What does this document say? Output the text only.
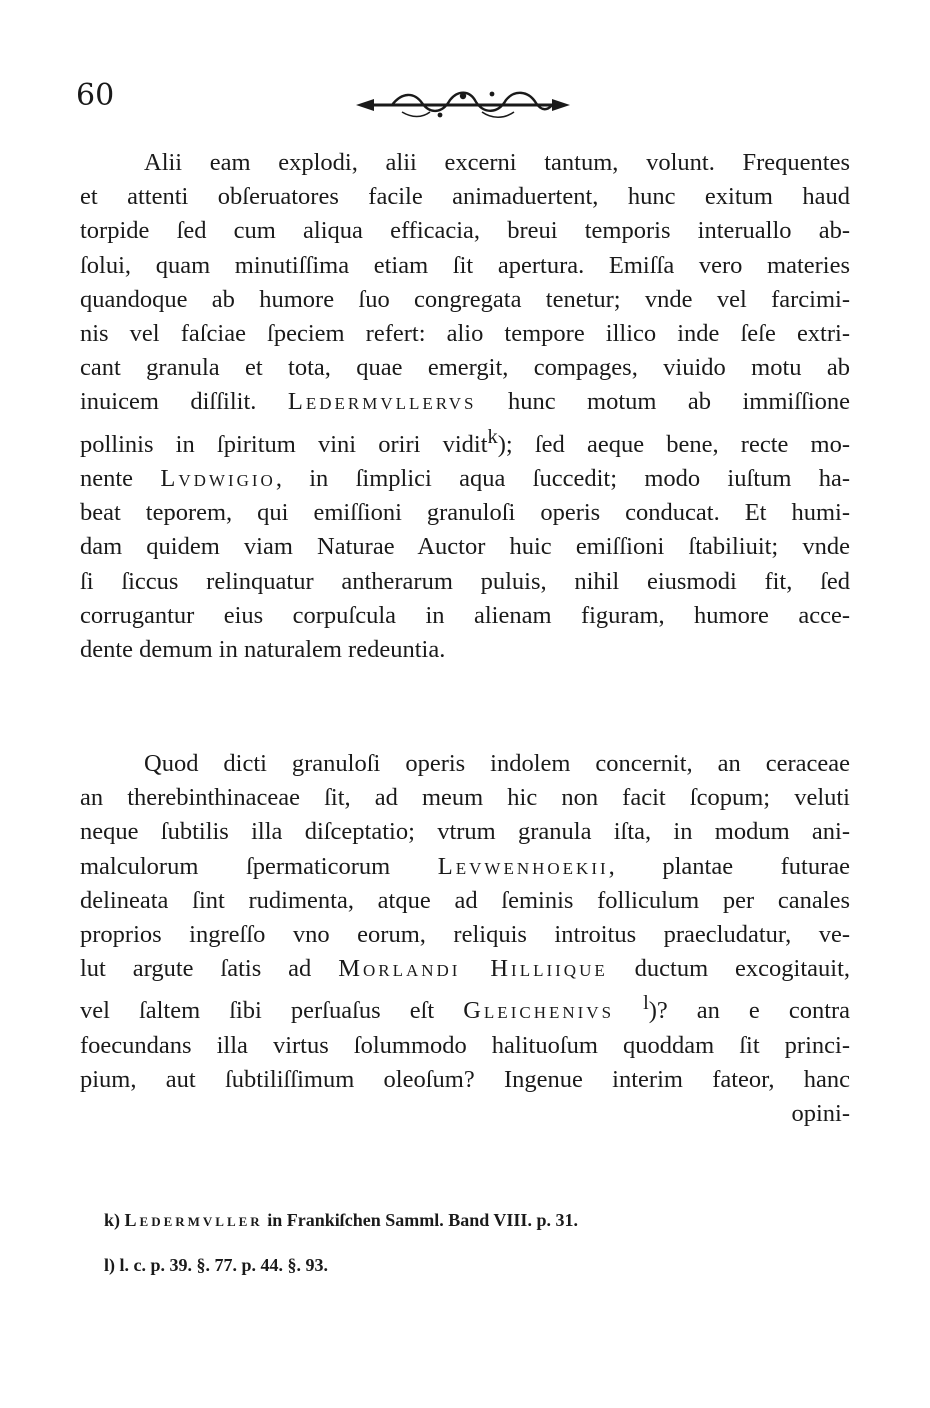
60
Alii eam explodi, alii excerni tantum, volunt. Frequentes
et attenti obſeruatores facile animaduertent, hunc exitum haud
torpide ſed cum aliqua efficacia, breui temporis interuallo ab-
ſolui, quam minutiſſima etiam ſit apertura. Emiſſa vero materies
quandoque ab humore ſuo congregata tenetur; vnde vel farcimi-
nis vel faſciae ſpeciem refert: alio tempore illico inde ſeſe extri-
cant granula et tota, quae emergit, compages, viuido motu ab
inuicem diſſilit. Ledermvllervs hunc motum ab immiſſione
pollinis in ſpiritum vini oriri vidit$^k$); ſed aeque bene, recte mo-
nente Lvdwigio, in ſimplici aqua ſuccedit; modo iuſtum ha-
beat teporem, qui emiſſioni granuloſi operis conducat. Et humi-
dam quidem viam Naturae Auctor huic emiſſioni ſtabiliuit; vnde
ſi ſiccus relinquatur antherarum puluis, nihil eiusmodi fit, ſed
corrugantur eius corpuſcula in alienam figuram, humore acce-
dente demum in naturalem redeuntia.
Quod dicti granuloſi operis indolem concernit, an ceraceae
an therebinthinaceae ſit, ad meum hic non facit ſcopum; veluti
neque ſubtilis illa diſceptatio; vtrum granula iſta, in modum ani-
malculorum ſpermaticorum Levwenhoekii, plantae futurae
delineata ſint rudimenta, atque ad ſeminis folliculum per canales
proprios ingreſſo vno eorum, reliquis introitus praecludatur, ve-
lut argute ſatis ad Morlandi Hilliique ductum excogitauit,
vel ſaltem ſibi perſuaſus eſt Gleichenivs $^l$)? an e contra
foecundans illa virtus ſolummodo halituoſum quoddam ſit princi-
pium, aut ſubtiliſſimum oleoſum? Ingenue interim fateor, hanc
opini-
k) Ledermvller in Frankiſchen Samml. Band VIII. p. 31.
l) l. c. p. 39. §. 77. p. 44. §. 93.
